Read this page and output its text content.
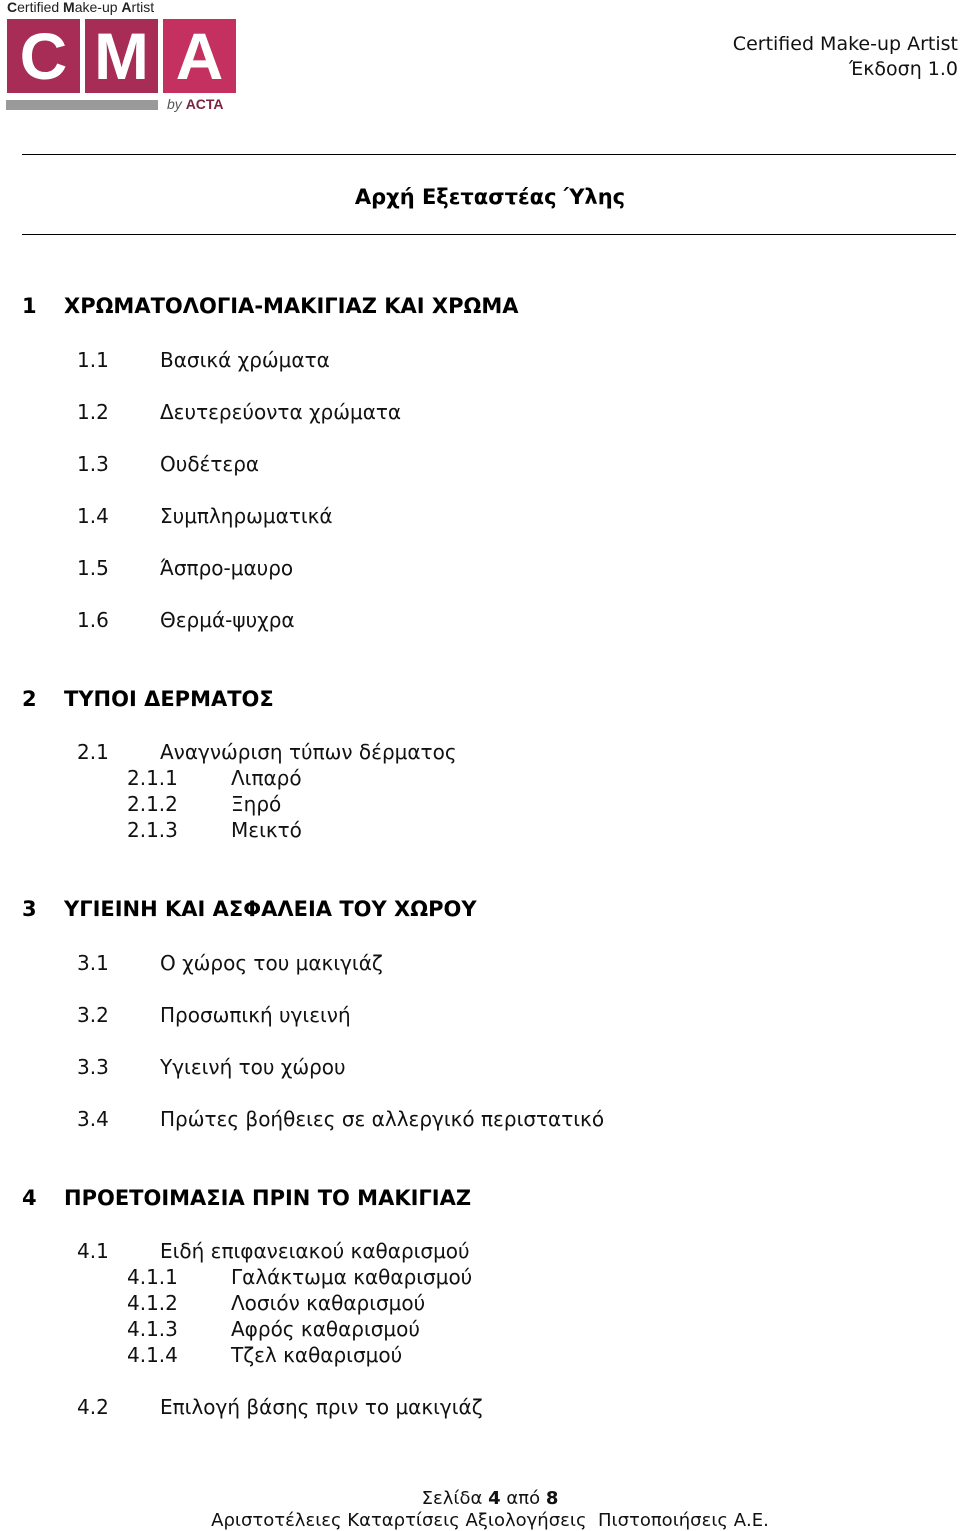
Certified Make-up Artist
C M A
by ACTA
Certified Make-up Artist
Έκδοση 1.0
Αρχή Εξεταστέας Ύλης
1 ΧΡΩΜΑΤΟΛΟΓΙΑ-ΜΑΚΙΓΙΑΖ ΚΑΙ ΧΡΩΜΑ
1.1	Βασικά χρώματα
1.2	Δευτερεύοντα χρώματα
1.3	Ουδέτερα
1.4	Συμπληρωματικά
1.5	Άσπρο-μαυρο
1.6	Θερμά-ψυχρα
2 ΤΥΠΟΙ ΔΕΡΜΑΤΟΣ
2.1	Αναγνώριση τύπων δέρματος
2.1.1	Λιπαρό
2.1.2	Ξηρό
2.1.3	Μεικτό
3 ΥΓΙΕΙΝΗ ΚΑΙ ΑΣΦΑΛΕΙΑ ΤΟΥ ΧΩΡΟΥ
3.1	Ο χώρος του μακιγιάζ
3.2	Προσωπική υγιεινή
3.3	Υγιεινή του χώρου
3.4	Πρώτες βοήθειες σε αλλεργικό περιστατικό
4 ΠΡΟΕΤΟΙΜΑΣΙΑ ΠΡΙΝ ΤΟ ΜΑΚΙΓΙΑΖ
4.1	Ειδή επιφανειακού καθαρισμού
4.1.1	Γαλάκτωμα καθαρισμού
4.1.2	Λοσιόν καθαρισμού
4.1.3	Αφρός καθαρισμού
4.1.4	Τζελ καθαρισμού
4.2	Επιλογή βάσης πριν το μακιγιάζ
Σελίδα 4 από 8
Αριστοτέλειες Καταρτίσεις Αξιολογήσεις  Πιστοποιήσεις Α.Ε.
